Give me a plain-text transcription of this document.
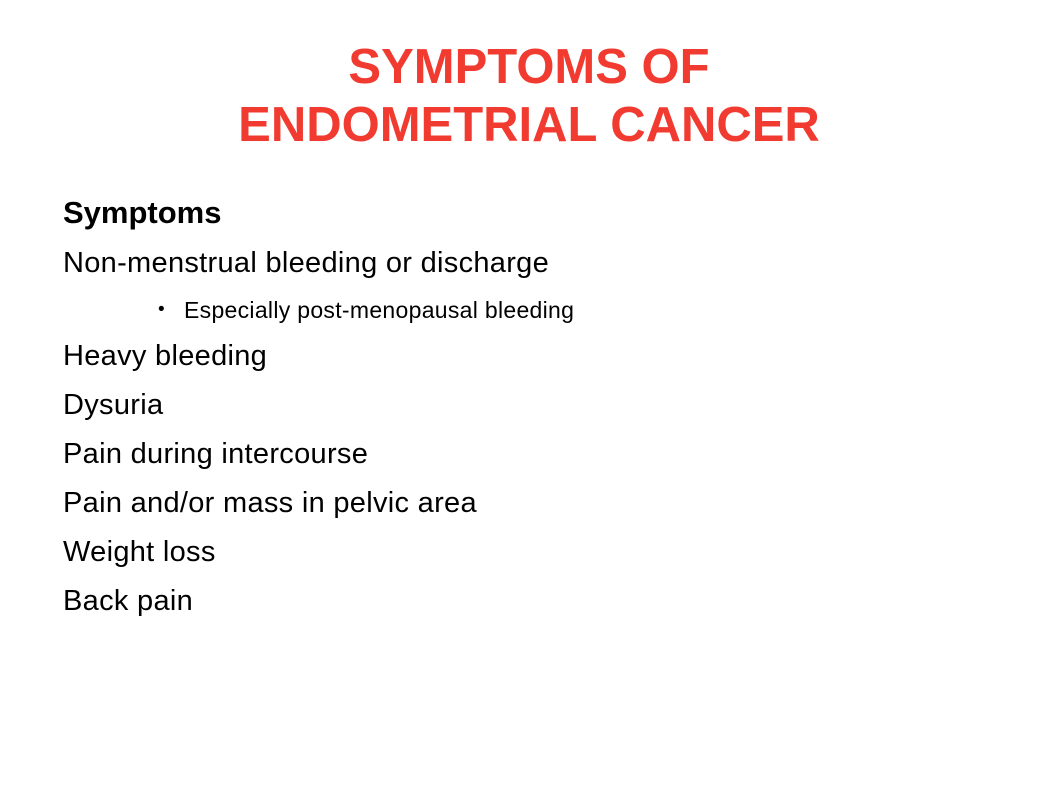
SYMPTOMS OF
ENDOMETRIAL CANCER

Symptoms

Non-menstrual bleeding or discharge

• Especially post-menopausal bleeding

Heavy bleeding

Dysuria

Pain during intercourse

Pain and/or mass in pelvic area

Weight loss

Back pain
